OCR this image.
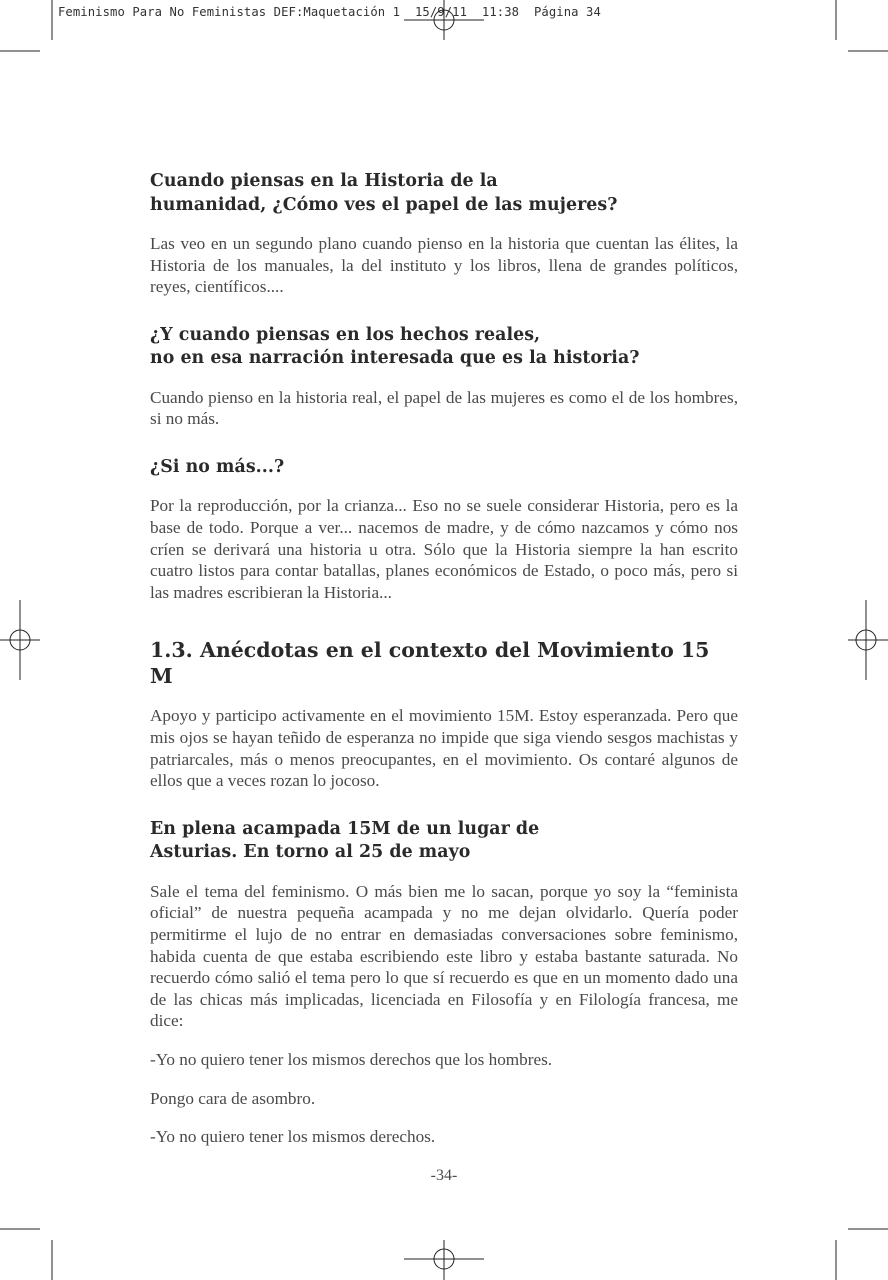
Feminismo Para No Feministas DEF:Maquetación 1  15/9/11  11:38  Página 34
Cuando piensas en la Historia de la
humanidad, ¿Cómo ves el papel de las mujeres?

Las veo en un segundo plano cuando pienso en la historia que cuentan las élites, la Historia de los manuales, la del instituto y los libros, llena de grandes políticos, reyes, científicos....

¿Y cuando piensas en los hechos reales,
no en esa narración interesada que es la historia?

Cuando pienso en la historia real, el papel de las mujeres es como el de los hombres, si no más.

¿Si no más...?

Por la reproducción, por la crianza... Eso no se suele considerar Historia, pero es la base de todo. Porque a ver... nacemos de madre, y de cómo nazcamos y cómo nos críen se derivará una historia u otra. Sólo que la Historia siempre la han escrito cuatro listos para contar batallas, planes económicos de Estado, o poco más, pero si las madres escribieran la Historia...

1.3. Anécdotas en el contexto del Movimiento 15 M

Apoyo y participo activamente en el movimiento 15M. Estoy esperanzada. Pero que mis ojos se hayan teñido de esperanza no impide que siga viendo sesgos machistas y patriarcales, más o menos preocupantes, en el movimiento. Os contaré algunos de ellos que a veces rozan lo jocoso.

En plena acampada 15M de un lugar de
Asturias. En torno al 25 de mayo

Sale el tema del feminismo. O más bien me lo sacan, porque yo soy la “feminista oficial” de nuestra pequeña acampada y no me dejan olvidarlo. Quería poder permitirme el lujo de no entrar en demasiadas conversaciones sobre feminismo, habida cuenta de que estaba escribiendo este libro y estaba bastante saturada. No recuerdo cómo salió el tema pero lo que sí recuerdo es que en un momento dado una de las chicas más implicadas, licenciada en Filosofía y en Filología francesa, me dice:

-Yo no quiero tener los mismos derechos que los hombres.

Pongo cara de asombro.

-Yo no quiero tener los mismos derechos.

-34-
